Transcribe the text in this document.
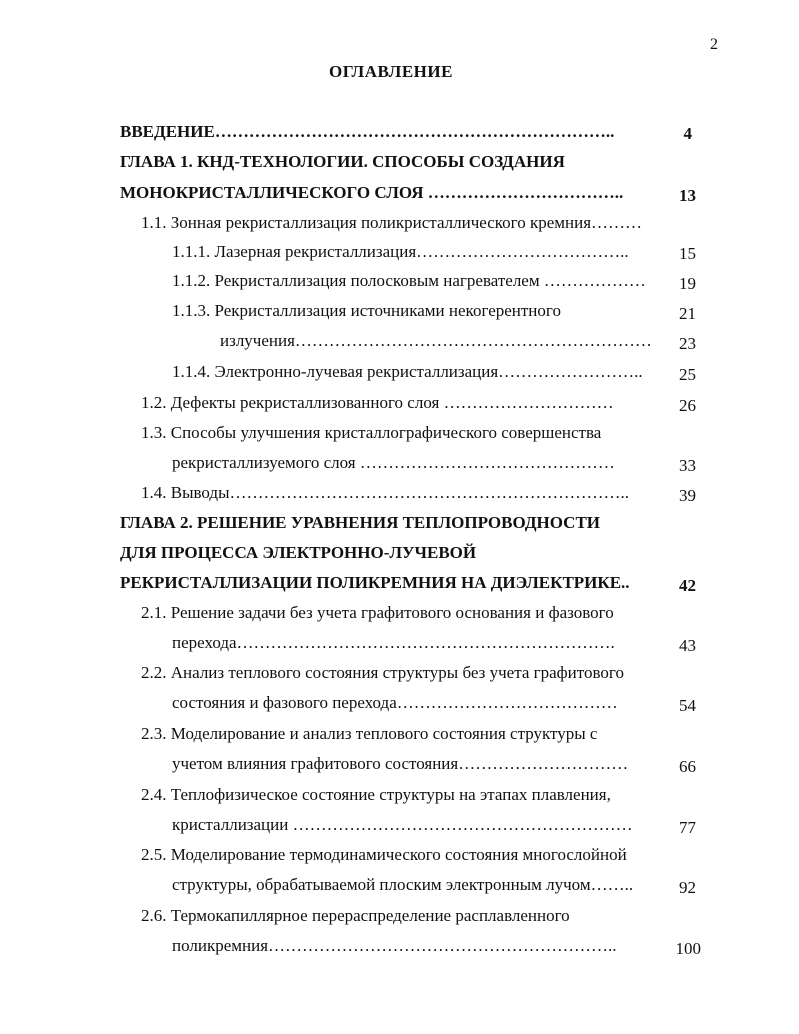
2
ОГЛАВЛЕНИЕ
ВВЕДЕНИЕ……………………………………………………………..	4
ГЛАВА 1. КНД-ТЕХНОЛОГИИ. СПОСОБЫ СОЗДАНИЯ
МОНОКРИСТАЛЛИЧЕСКОГО СЛОЯ ……………………………..	13
1.1. Зонная рекристаллизация поликристаллического кремния………
1.1.1. Лазерная рекристаллизация………………………………..	15
1.1.2. Рекристаллизация полосковым нагревателем ………………	19
1.1.3. Рекристаллизация источниками некогерентного	21
излучения………………………………………………………	23
1.1.4. Электронно-лучевая рекристаллизация……………………..	25
1.2. Дефекты рекристаллизованного слоя …………………………	26
1.3. Способы улучшения кристаллографического совершенства
рекристаллизуемого слоя ………………………………………	33
1.4. Выводы……………………………………………………………..	39
ГЛАВА 2. РЕШЕНИЕ УРАВНЕНИЯ ТЕПЛОПРОВОДНОСТИ
ДЛЯ ПРОЦЕССА ЭЛЕКТРОННО-ЛУЧЕВОЙ
РЕКРИСТАЛЛИЗАЦИИ ПОЛИКРЕМНИЯ НА ДИЭЛЕКТРИКЕ..	42
2.1. Решение задачи без учета графитового основания и фазового
перехода………………………………………………………….	43
2.2. Анализ теплового состояния структуры без учета графитового
состояния и фазового перехода…………………………………	54
2.3. Моделирование и анализ теплового состояния структуры с
учетом влияния графитового состояния…………………………	66
2.4. Теплофизическое состояние структуры на этапах плавления,
кристаллизации ……………………………………………………	77
2.5. Моделирование термодинамического состояния многослойной
структуры, обрабатываемой плоским электронным лучом……..	92
2.6. Термокапиллярное перераспределение расплавленного
поликремния……………………………………………………..	100
